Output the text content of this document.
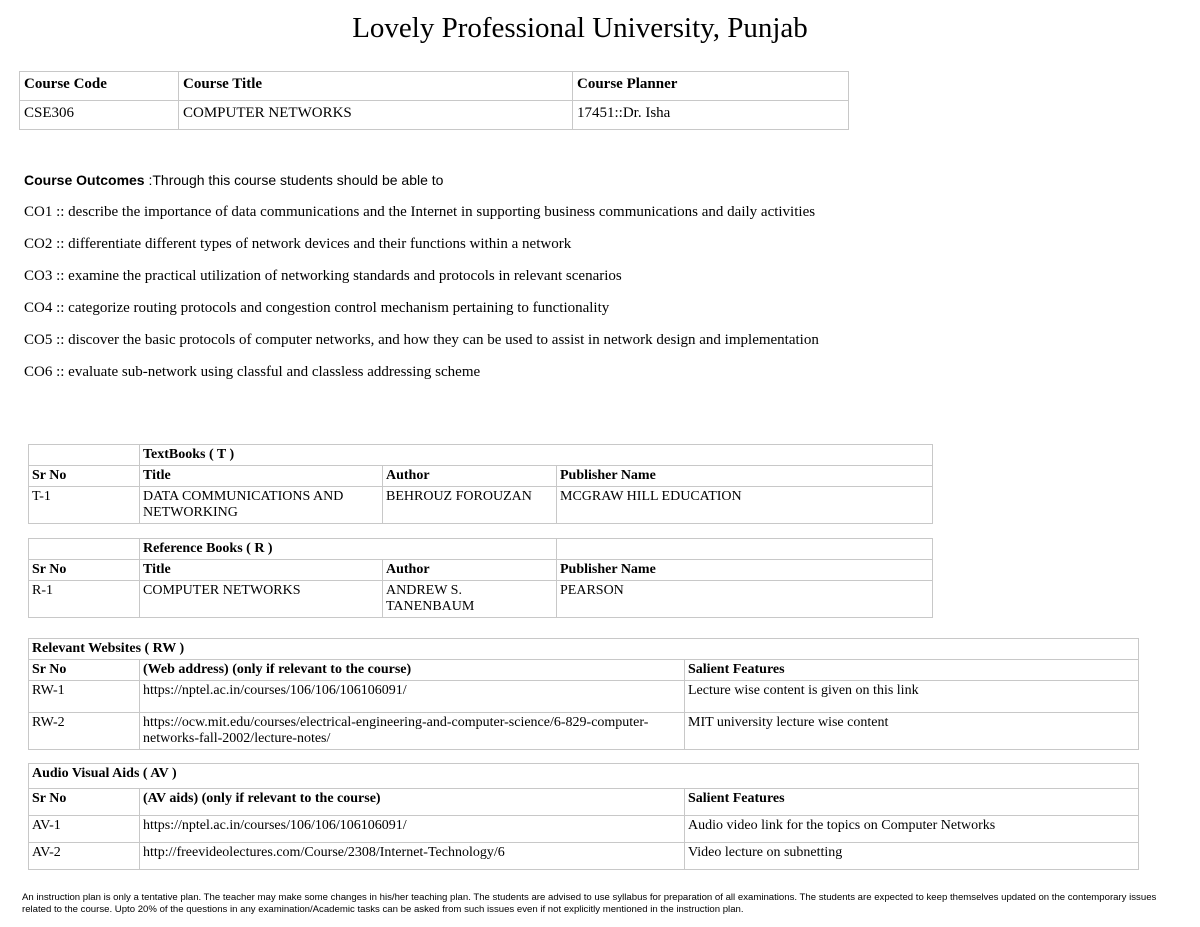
Lovely Professional University, Punjab
Course Code	Course Title	Course Planner
CSE306	COMPUTER NETWORKS	17451::Dr. Isha
Course Outcomes :Through this course students should be able to
CO1 :: describe the importance of data communications and the Internet in supporting business communications and daily activities
CO2 :: differentiate different types of network devices and their functions within a network
CO3 :: examine the practical utilization of networking standards and protocols in relevant scenarios
CO4 :: categorize routing protocols and congestion control mechanism pertaining to functionality
CO5 :: discover the basic protocols of computer networks, and how they can be used to assist in network design and implementation
CO6 :: evaluate sub-network using classful and classless addressing scheme
	TextBooks ( T )		
Sr No	Title	Author	Publisher Name
T-1	DATA COMMUNICATIONS AND NETWORKING	BEHROUZ FOROUZAN	MCGRAW HILL EDUCATION
	Reference Books ( R )		
Sr No	Title	Author	Publisher Name
R-1	COMPUTER NETWORKS	ANDREW S. TANENBAUM	PEARSON
Relevant Websites ( RW )		
Sr No	(Web address) (only if relevant to the course)	Salient Features
RW-1	https://nptel.ac.in/courses/106/106/106106091/	Lecture wise content is given on this link
RW-2	https://ocw.mit.edu/courses/electrical-engineering-and-computer-science/6-829-computer-networks-fall-2002/lecture-notes/	MIT university lecture wise content
Audio Visual Aids ( AV )		
Sr No	(AV aids) (only if relevant to the course)	Salient Features
AV-1	https://nptel.ac.in/courses/106/106/106106091/	Audio video link for the topics on Computer Networks
AV-2	http://freevideolectures.com/Course/2308/Internet-Technology/6	Video lecture on subnetting
An instruction plan is only a tentative plan. The teacher may make some changes in his/her teaching plan. The students are advised to use syllabus for preparation of all examinations. The students are expected to keep themselves updated on the contemporary issues related to the course. Upto 20% of the questions in any examination/Academic tasks can be asked from such issues even if not explicitly mentioned in the instruction plan.
